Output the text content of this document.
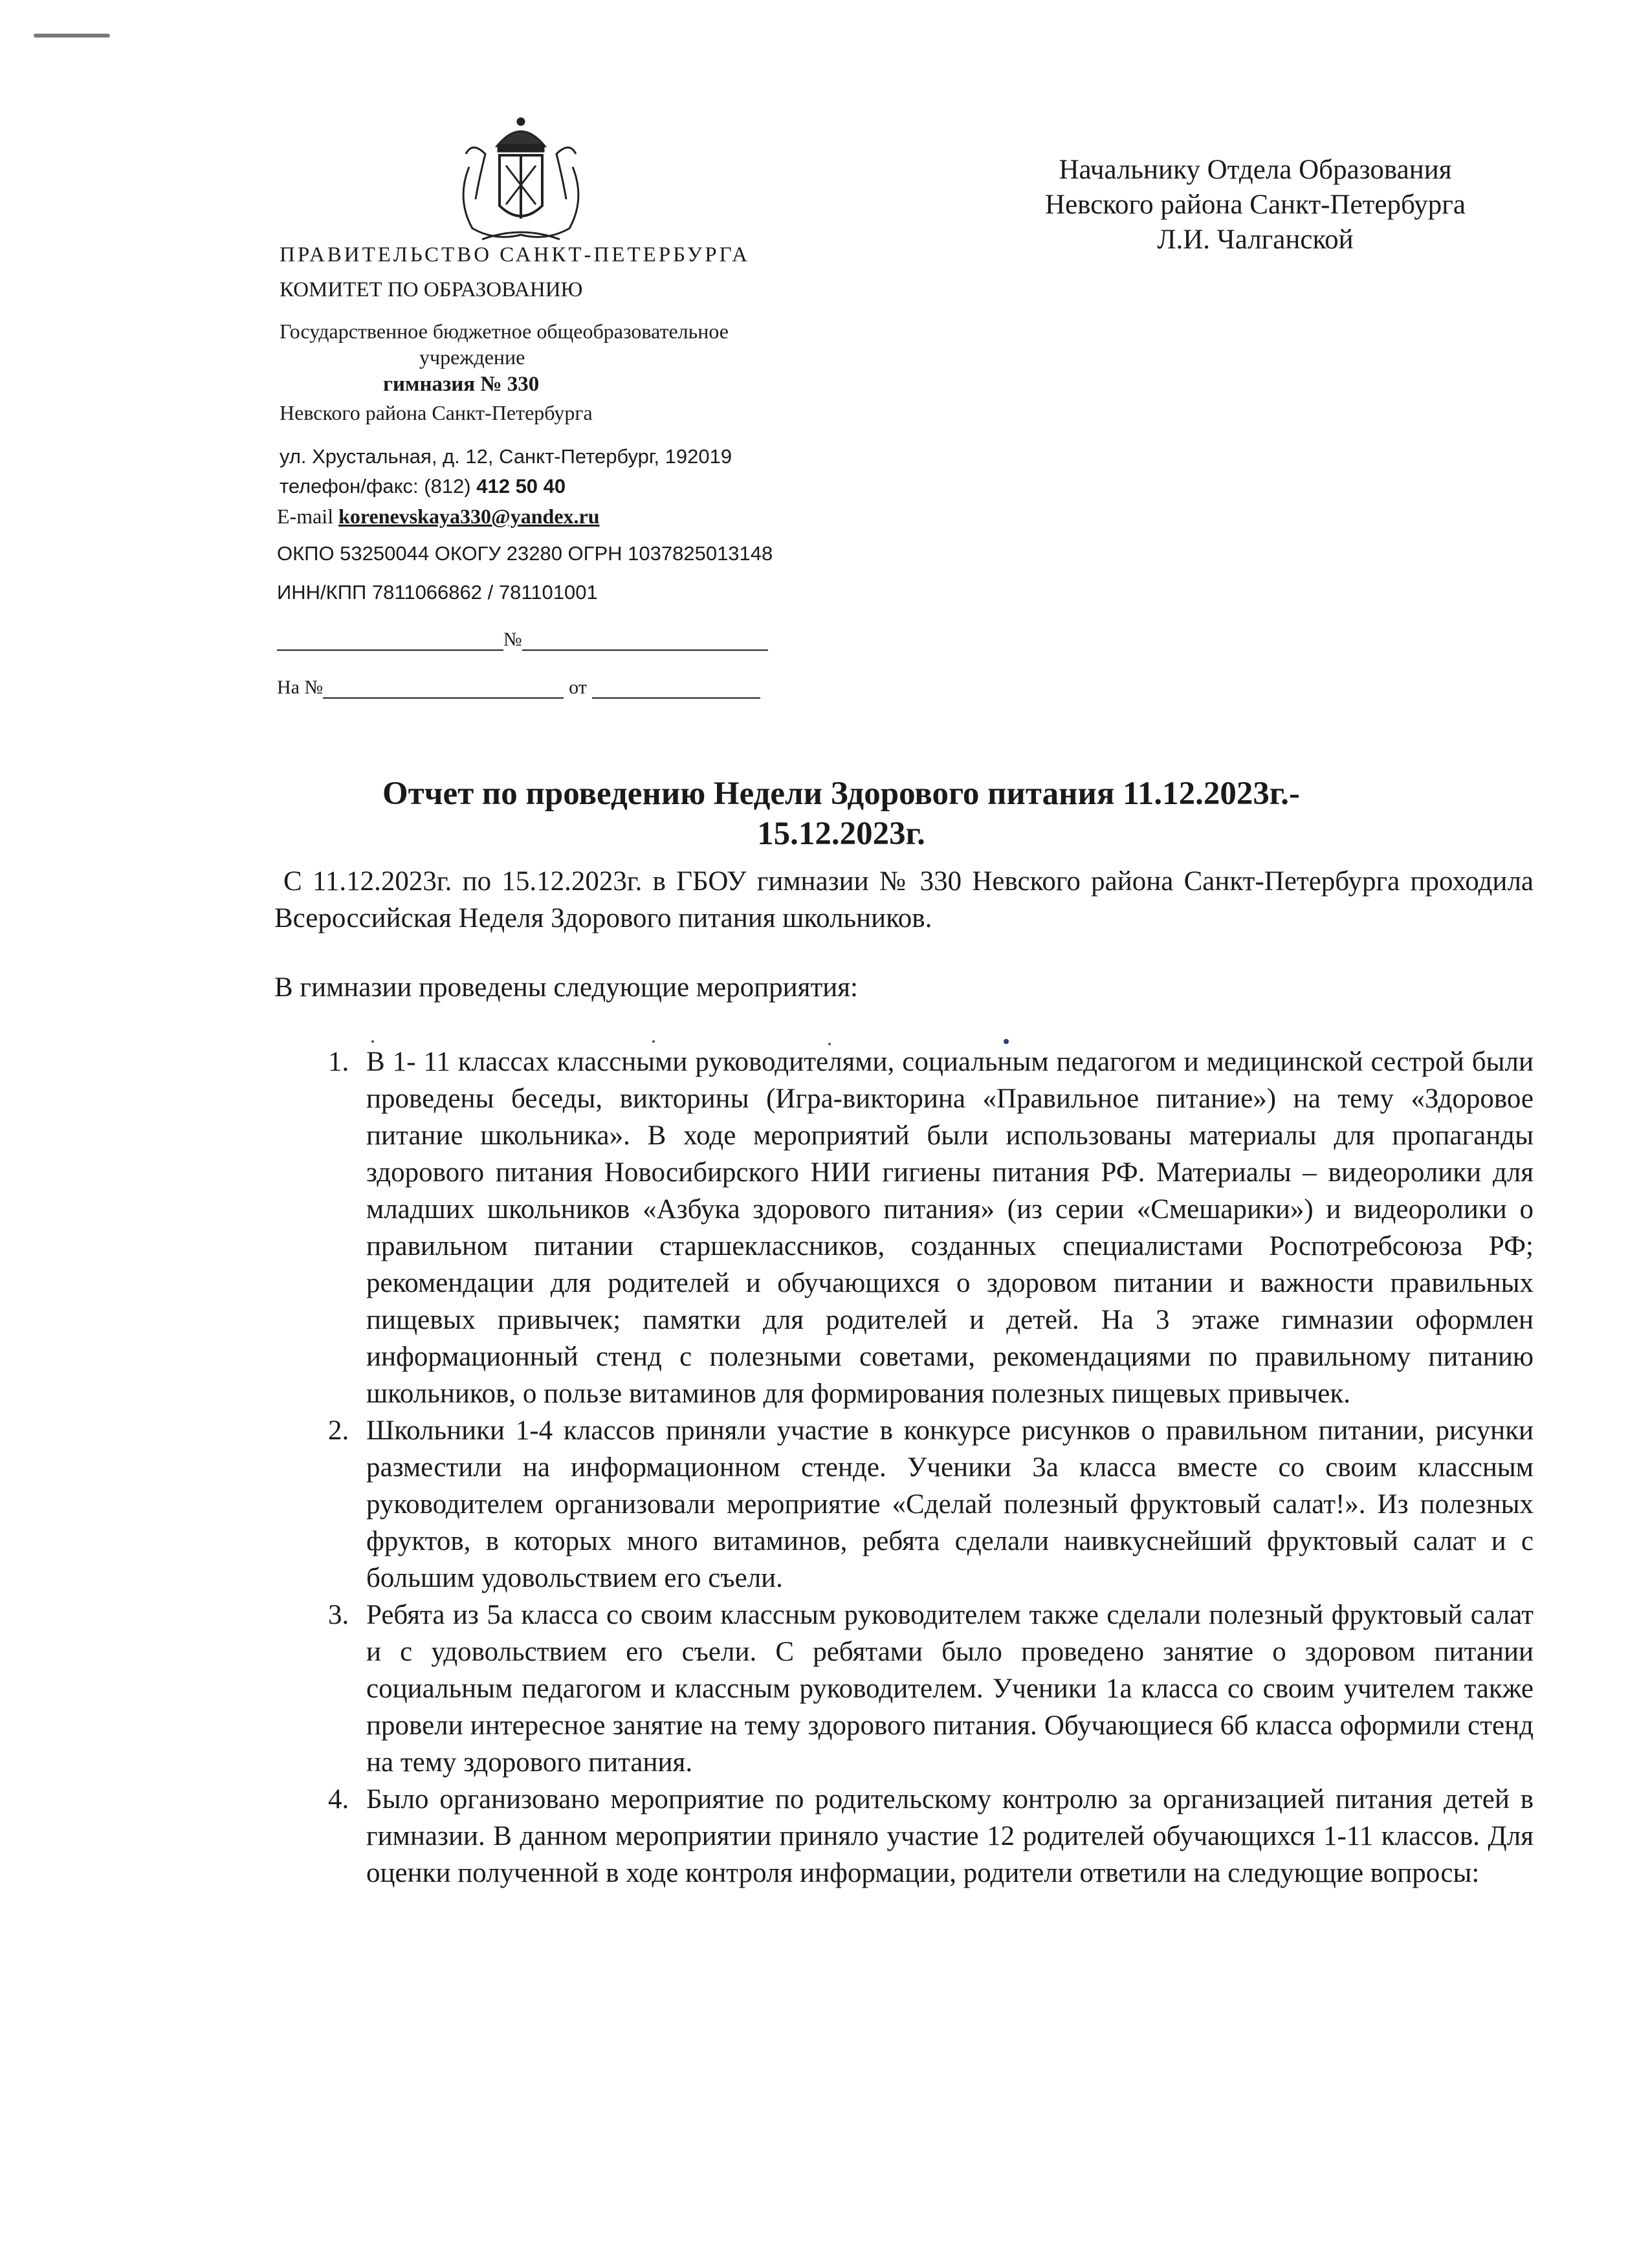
ПРАВИТЕЛЬСТВО САНКТ-ПЕТЕРБУРГА
КОМИТЕТ ПО ОБРАЗОВАНИЮ
Государственное бюджетное общеобразовательное
учреждение
гимназия № 330
Невского района Санкт-Петербурга
ул. Хрустальная, д. 12, Санкт-Петербург, 192019
телефон/факс: (812) 412 50 40
E-mail korenevskaya330@yandex.ru
ОКПО 53250044 ОКОГУ 23280 ОГРН 1037825013148
ИНН/КПП 7811066862 / 781101001
№
На №	от
Начальнику Отдела Образования
Невского района Санкт-Петербурга
Л.И. Чалганской
Отчет по проведению Недели Здорового питания 11.12.2023г.-
15.12.2023г.

С 11.12.2023г. по 15.12.2023г. в ГБОУ гимназии № 330 Невского района Санкт-Петербурга проходила Всероссийская Неделя Здорового питания школьников.

В гимназии проведены следующие мероприятия:

1. В 1- 11 классах классными руководителями, социальным педагогом и медицинской сестрой были проведены беседы, викторины (Игра-викторина «Правильное питание») на тему «Здоровое питание школьника». В ходе мероприятий были использованы материалы для пропаганды здорового питания Новосибирского НИИ гигиены питания РФ. Материалы – видеоролики для младших школьников «Азбука здорового питания» (из серии «Смешарики») и видеоролики о правильном питании старшеклассников, созданных специалистами Роспотребсоюза РФ; рекомендации для родителей и обучающихся о здоровом питании и важности правильных пищевых привычек; памятки для родителей и детей. На 3 этаже гимназии оформлен информационный стенд с полезными советами, рекомендациями по правильному питанию школьников, о пользе витаминов для формирования полезных пищевых привычек.
2. Школьники 1-4 классов приняли участие в конкурсе рисунков о правильном питании, рисунки разместили на информационном стенде. Ученики 3а класса вместе со своим классным руководителем организовали мероприятие «Сделай полезный фруктовый салат!». Из полезных фруктов, в которых много витаминов, ребята сделали наивкуснейший фруктовый салат и с большим удовольствием его съели.
3. Ребята из 5а класса со своим классным руководителем также сделали полезный фруктовый салат и с удовольствием его съели. С ребятами было проведено занятие о здоровом питании социальным педагогом и классным руководителем. Ученики 1а класса со своим учителем также провели интересное занятие на тему здорового питания. Обучающиеся 6б класса оформили стенд на тему здорового питания.
4. Было организовано мероприятие по родительскому контролю за организацией питания детей в гимназии. В данном мероприятии приняло участие 12 родителей обучающихся 1-11 классов. Для оценки полученной в ходе контроля информации, родители ответили на следующие вопросы:
